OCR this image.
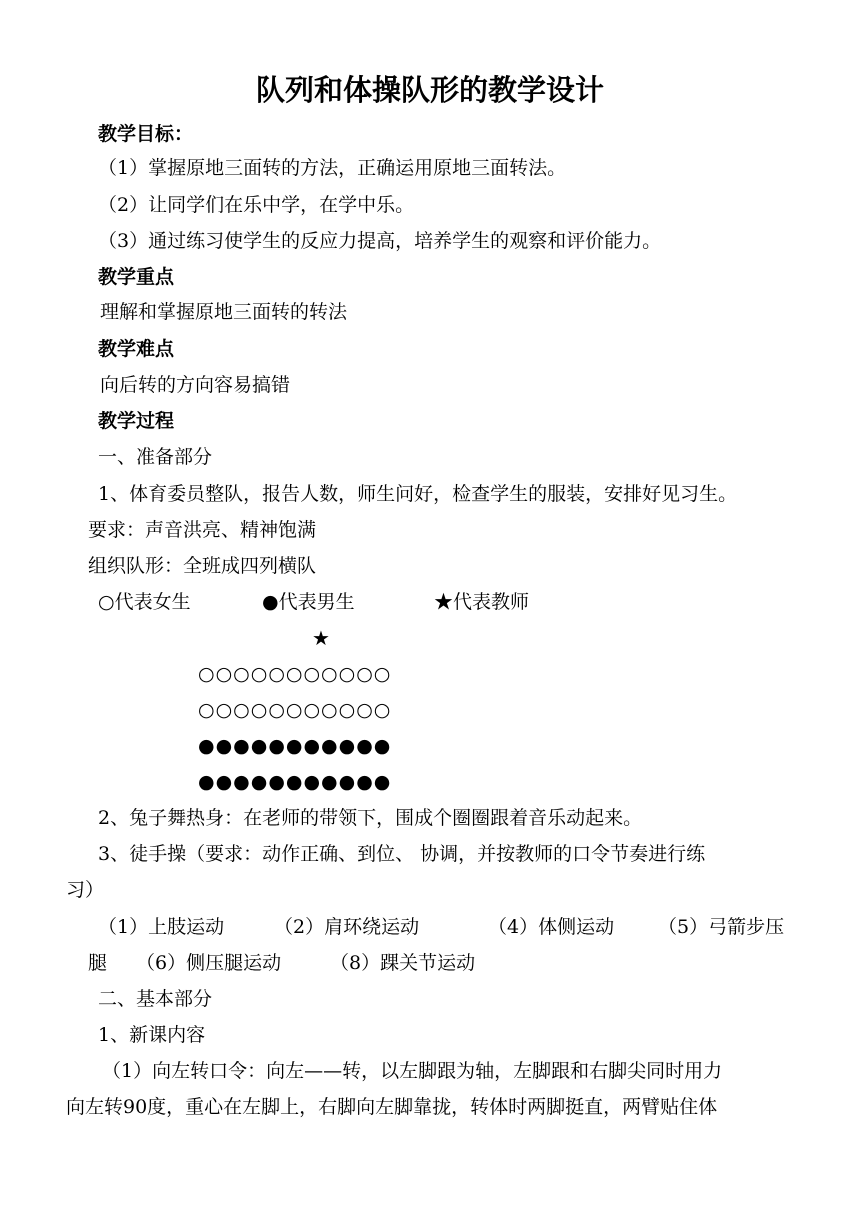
队列和体操队形的教学设计
教学目标：
（1）掌握原地三面转的方法，正确运用原地三面转法。
（2）让同学们在乐中学，在学中乐。
（3）通过练习使学生的反应力提高，培养学生的观察和评价能力。
教学重点
理解和掌握原地三面转的转法
教学难点
向后转的方向容易搞错
教学过程
一、准备部分
1、体育委员整队，报告人数，师生问好，检查学生的服装，安排好见习生。
要求：声音洪亮、精神饱满
组织队形：全班成四列横队
○代表女生	●代表男生	★代表教师
★
○○○○○○○○○○○
○○○○○○○○○○○
●●●●●●●●●●●
●●●●●●●●●●●
2、兔子舞热身：在老师的带领下，围成个圈圈跟着音乐动起来。
3、徒手操（要求：动作正确、到位、 协调，并按教师的口令节奏进行练
习）
（1）上肢运动	（2）肩环绕运动	（4）体侧运动 （5）弓箭步压
腿 （6）侧压腿运动	（8）踝关节运动
二、基本部分
1、新课内容
（1）向左转口令：向左——转，以左脚跟为轴，左脚跟和右脚尖同时用力
向左转90度，重心在左脚上，右脚向左脚靠拢，转体时两脚挺直，两臂贴住体
